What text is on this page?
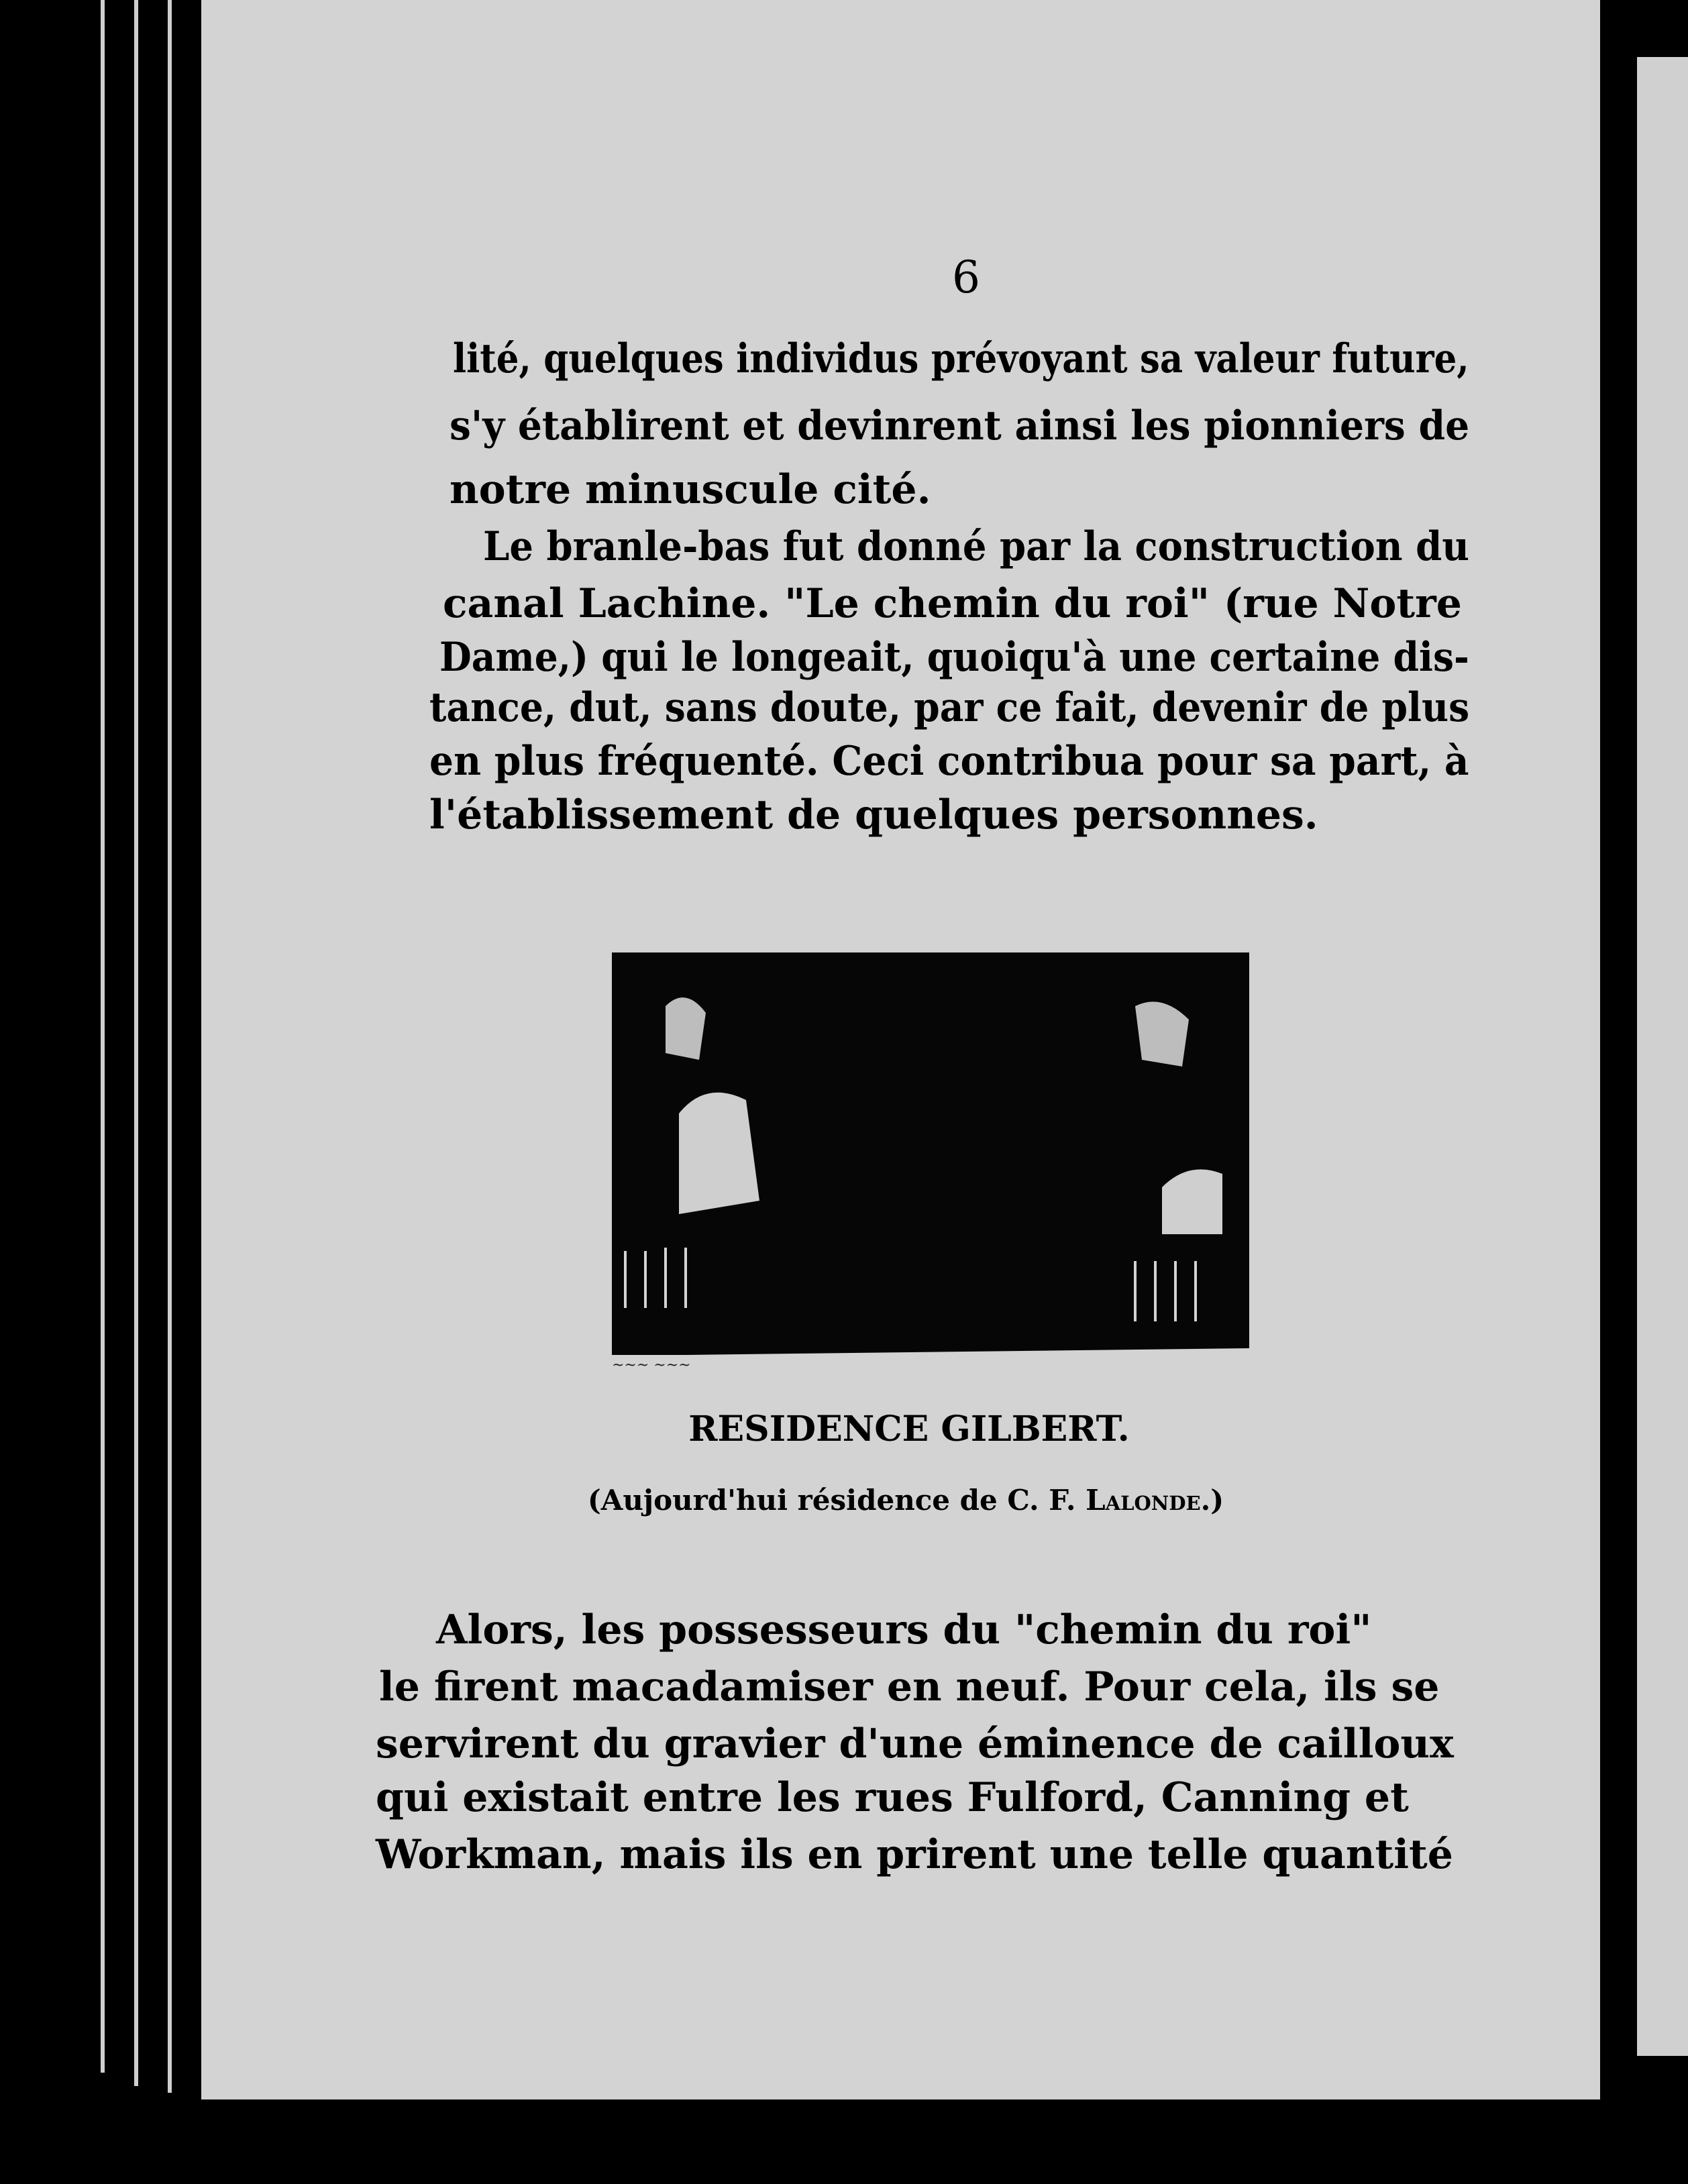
6
lité, quelques individus prévoyant sa valeur future,
s'y établirent et devinrent ainsi les pionniers de
notre minuscule cité.
Le branle-bas fut donné par la construction du
canal Lachine. "Le chemin du roi" (rue Notre
Dame,) qui le longeait, quoiqu'à une certaine dis-
tance, dut, sans doute, par ce fait, devenir de plus
en plus fréquenté. Ceci contribua pour sa part, à
l'établissement de quelques personnes.
~~~ ~~~
RESIDENCE GILBERT.
(Aujourd'hui résidence de C. F. Lalonde.)
Alors, les possesseurs du "chemin du roi"
le firent macadamiser en neuf. Pour cela, ils se
servirent du gravier d'une éminence de cailloux
qui existait entre les rues Fulford, Canning et
Workman, mais ils en prirent une telle quantité
